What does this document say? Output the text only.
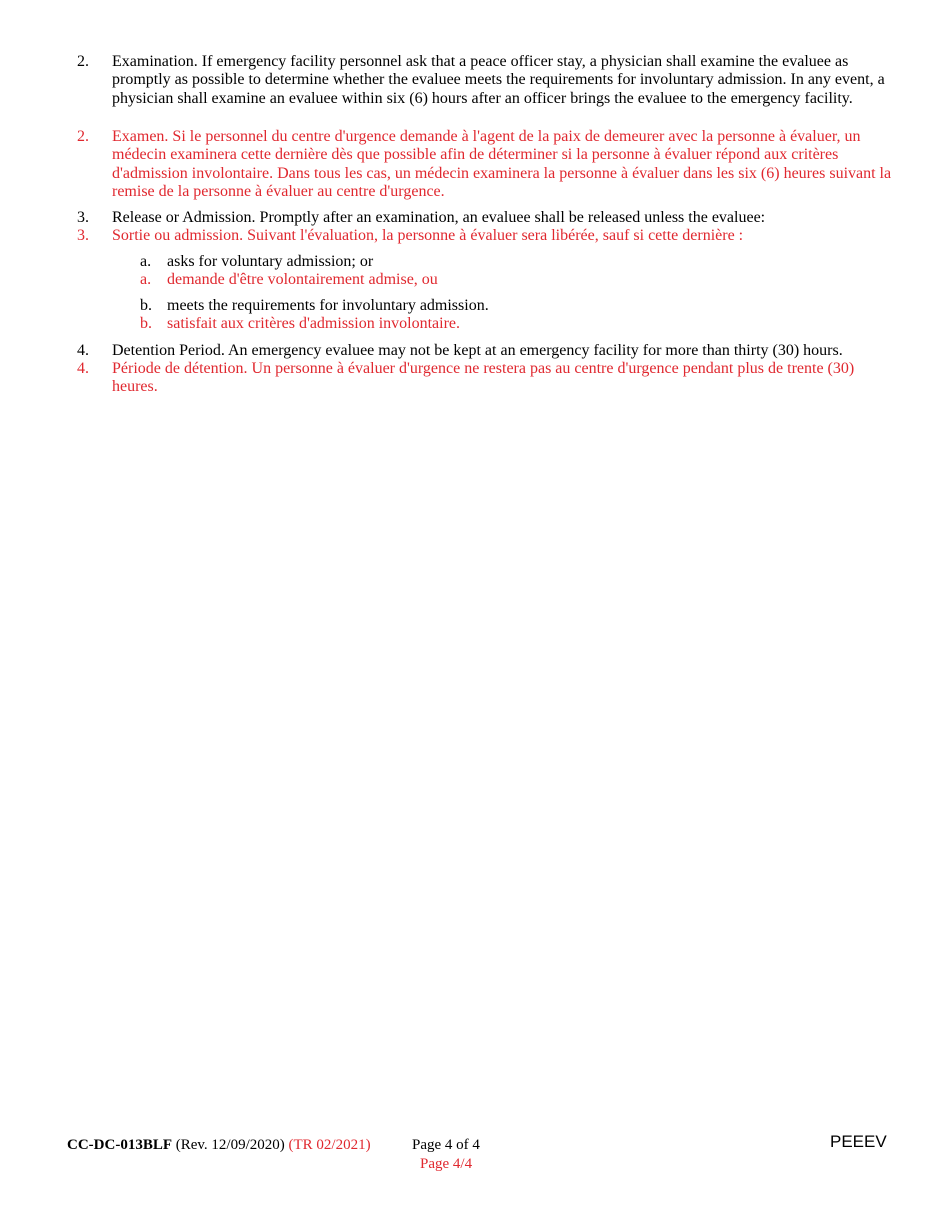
2.	Examination. If emergency facility personnel ask that a peace officer stay, a physician shall examine the evaluee as promptly as possible to determine whether the evaluee meets the requirements for involuntary admission. In any event, a physician shall examine an evaluee within six (6) hours after an officer brings the evaluee to the emergency facility.
2.	Examen. Si le personnel du centre d'urgence demande à l'agent de la paix de demeurer avec la personne à évaluer, un médecin examinera cette dernière dès que possible afin de déterminer si la personne à évaluer répond aux critères d'admission involontaire. Dans tous les cas, un médecin examinera la personne à évaluer dans les six (6) heures suivant la remise de la personne à évaluer au centre d'urgence.
3.	Release or Admission. Promptly after an examination, an evaluee shall be released unless the evaluee:
3.	Sortie ou admission. Suivant l'évaluation, la personne à évaluer sera libérée, sauf si cette dernière :
a. asks for voluntary admission; or
a. demande d'être volontairement admise, ou
b. meets the requirements for involuntary admission.
b. satisfait aux critères d'admission involontaire.
4.	Detention Period. An emergency evaluee may not be kept at an emergency facility for more than thirty (30) hours.
4.	Période de détention. Un personne à évaluer d'urgence ne restera pas au centre d'urgence pendant plus de trente (30) heures.
CC-DC-013BLF (Rev. 12/09/2020) (TR 02/2021)	Page 4 of 4
Page 4/4
PEEEV
